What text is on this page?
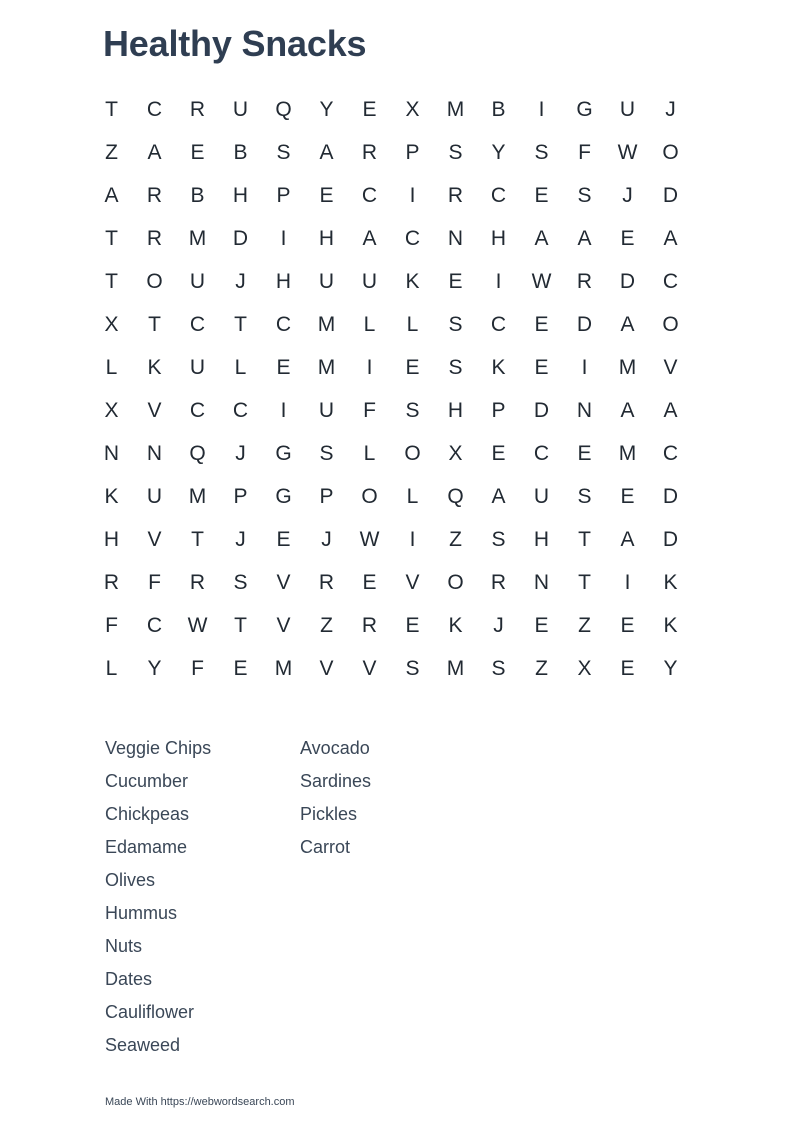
Healthy Snacks
T	C	R	U	Q	Y	E	X	M	B	I	G	U	J
Z	A	E	B	S	A	R	P	S	Y	S	F	W	O
A	R	B	H	P	E	C	I	R	C	E	S	J	D
T	R	M	D	I	H	A	C	N	H	A	A	E	A
T	O	U	J	H	U	U	K	E	I	W	R	D	C
X	T	C	T	C	M	L	L	S	C	E	D	A	O
L	K	U	L	E	M	I	E	S	K	E	I	M	V
X	V	C	C	I	U	F	S	H	P	D	N	A	A
N	N	Q	J	G	S	L	O	X	E	C	E	M	C
K	U	M	P	G	P	O	L	Q	A	U	S	E	D
H	V	T	J	E	J	W	I	Z	S	H	T	A	D
R	F	R	S	V	R	E	V	O	R	N	T	I	K
F	C	W	T	V	Z	R	E	K	J	E	Z	E	K
L	Y	F	E	M	V	V	S	M	S	Z	X	E	Y
Veggie Chips
Cucumber
Chickpeas
Edamame
Olives
Hummus
Nuts
Dates
Cauliflower
Seaweed
Avocado
Sardines
Pickles
Carrot
Made With https://webwordsearch.com
